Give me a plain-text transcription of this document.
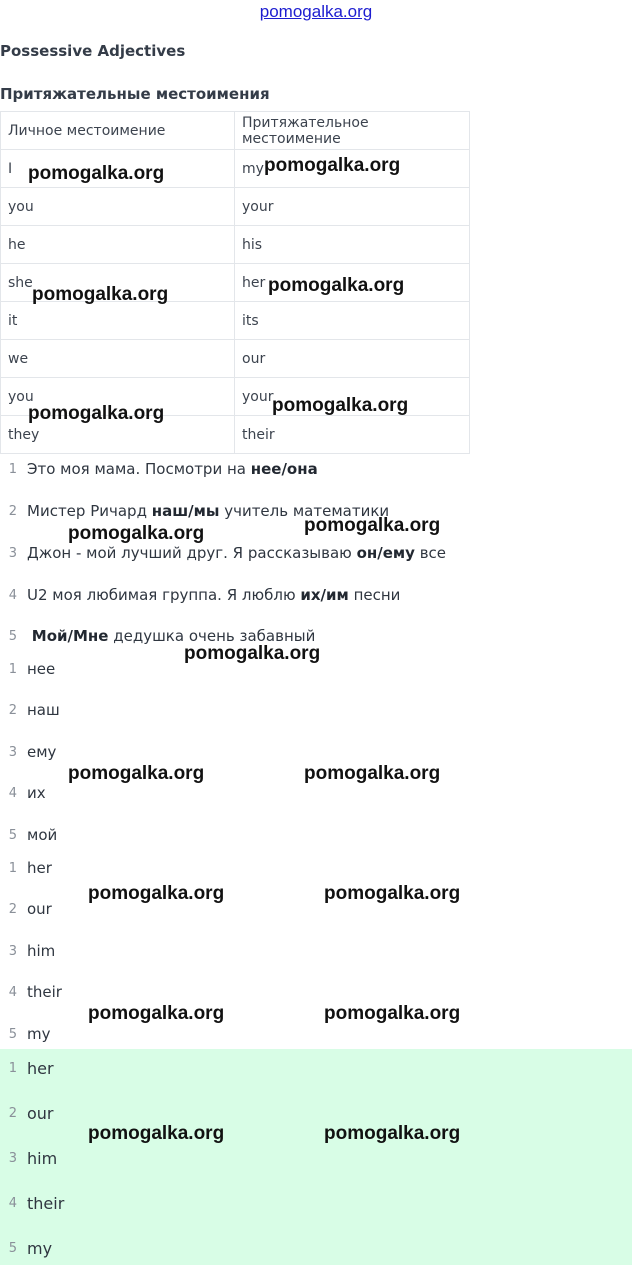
pomogalka.org
Possessive Adjectives
Притяжательные местоимения
Личное местоимение	Притяжательное местоимение
I	my
you	your
he	his
she	her
it	its
we	our
you	your
they	their
1 Это моя мама. Посмотри на нее/она
2 Мистер Ричард наш/мы учитель математики
3 Джон - мой лучший друг. Я рассказываю он/ему все
4 U2 моя любимая группа. Я люблю их/им песни
5 Мой/Мне дедушка очень забавный
1 нее
2 наш
3 ему
4 их
5 мой
1 her
2 our
3 him
4 their
5 my
1 her
2 our
3 him
4 their
5 my
pomogalka.org	pomogalka.org
pomogalka.org	pomogalka.org
pomogalka.org	pomogalka.org
pomogalka.org	pomogalka.org
pomogalka.org
pomogalka.org	pomogalka.org
pomogalka.org	pomogalka.org
pomogalka.org	pomogalka.org
pomogalka.org	pomogalka.org
